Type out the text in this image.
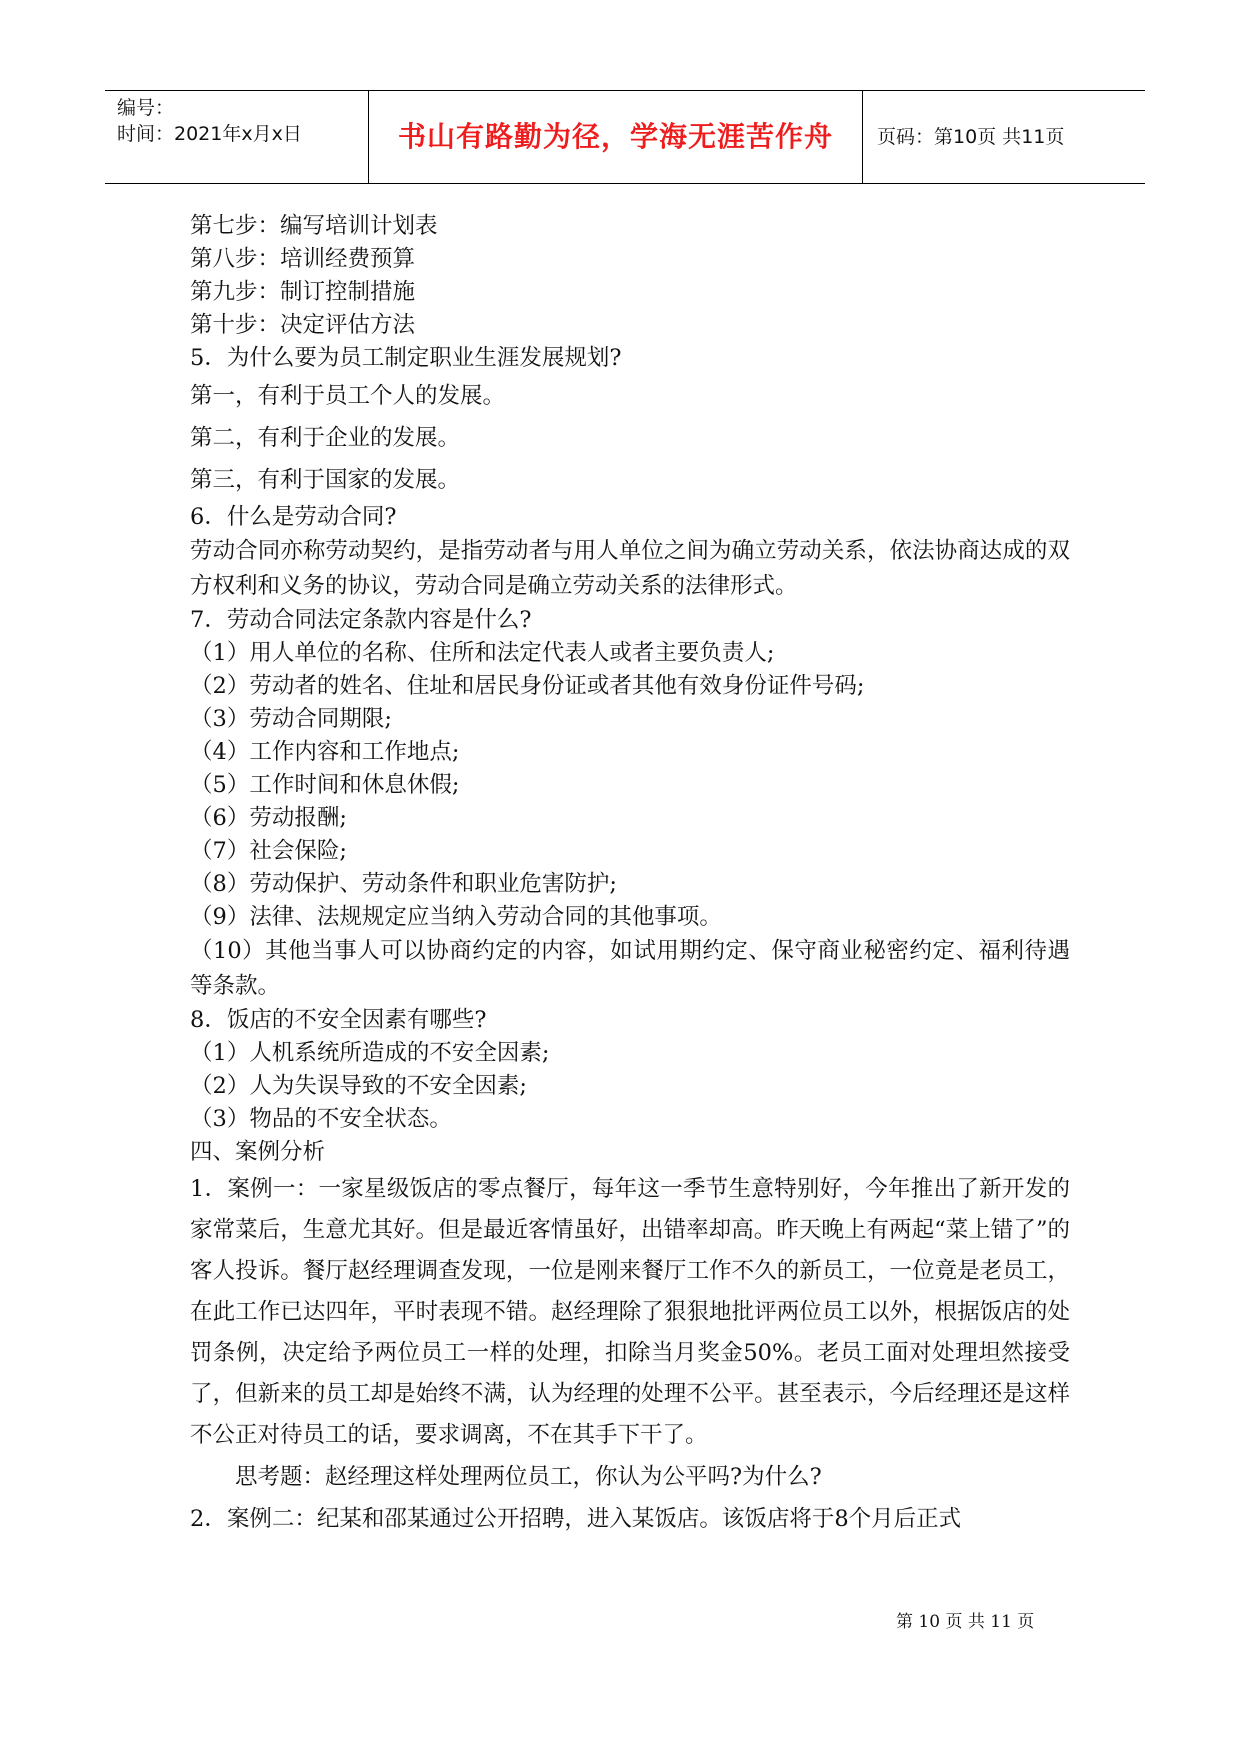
编号：
时间：2021年x月x日	书山有路勤为径，学海无涯苦作舟	页码：第10页 共11页
第七步：编写培训计划表
第八步：培训经费预算
第九步：制订控制措施
第十步：决定评估方法
5．为什么要为员工制定职业生涯发展规划?
第一，有利于员工个人的发展。
第二，有利于企业的发展。
第三，有利于国家的发展。
6．什么是劳动合同?
劳动合同亦称劳动契约，是指劳动者与用人单位之间为确立劳动关系，依法协商达成的双方权利和义务的协议，劳动合同是确立劳动关系的法律形式。
7．劳动合同法定条款内容是什么?
（1）用人单位的名称、住所和法定代表人或者主要负责人;
（2）劳动者的姓名、住址和居民身份证或者其他有效身份证件号码;
（3）劳动合同期限;
（4）工作内容和工作地点;
（5）工作时间和休息休假;
（6）劳动报酬;
（7）社会保险;
（8）劳动保护、劳动条件和职业危害防护;
（9）法律、法规规定应当纳入劳动合同的其他事项。
（10）其他当事人可以协商约定的内容，如试用期约定、保守商业秘密约定、福利待遇等条款。
8．饭店的不安全因素有哪些?
（1）人机系统所造成的不安全因素;
（2）人为失误导致的不安全因素;
（3）物品的不安全状态。
四、案例分析
1．案例一：一家星级饭店的零点餐厅，每年这一季节生意特别好，今年推出了新开发的家常菜后，生意尤其好。但是最近客情虽好，出错率却高。昨天晚上有两起“菜上错了”的客人投诉。餐厅赵经理调查发现，一位是刚来餐厅工作不久的新员工，一位竟是老员工，在此工作已达四年，平时表现不错。赵经理除了狠狠地批评两位员工以外，根据饭店的处罚条例，决定给予两位员工一样的处理，扣除当月奖金50%。老员工面对处理坦然接受了，但新来的员工却是始终不满，认为经理的处理不公平。甚至表示，今后经理还是这样不公正对待员工的话，要求调离，不在其手下干了。
思考题：赵经理这样处理两位员工，你认为公平吗?为什么?
2．案例二：纪某和邵某通过公开招聘，进入某饭店。该饭店将于8个月后正式
第 10 页 共 11 页
